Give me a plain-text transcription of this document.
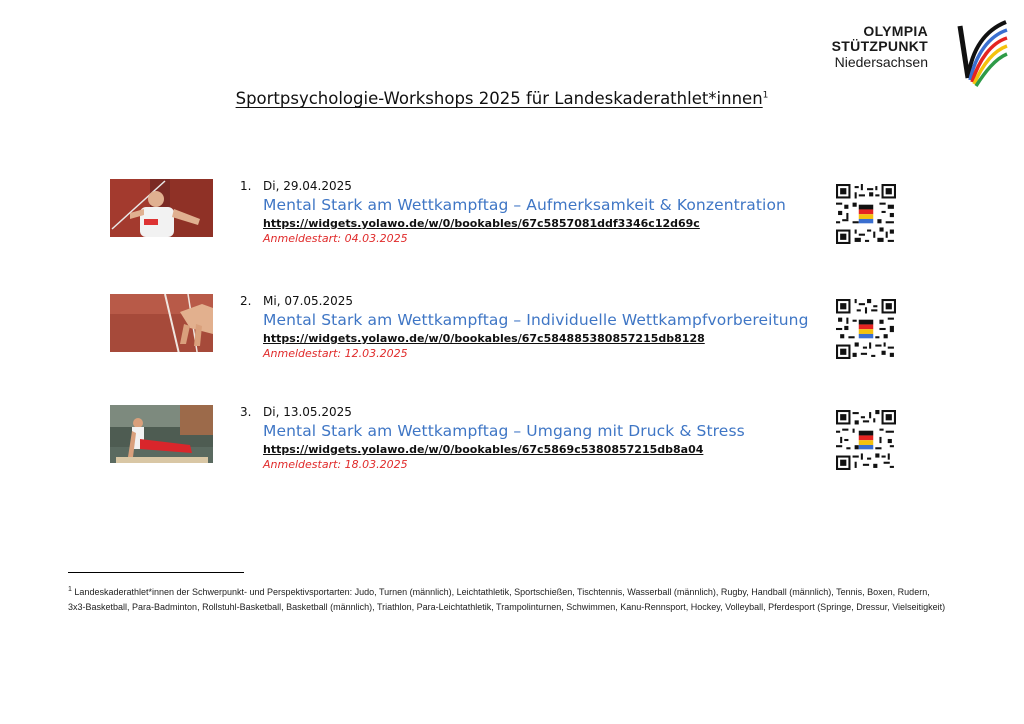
OLYMPIA
STÜTZPUNKT
Niedersachsen
Sportpsychologie-Workshops 2025 für Landeskaderathlet*innen$^1$
1. Di, 29.04.2025
Mental Stark am Wettkampftag – Aufmerksamkeit & Konzentration
https://widgets.yolawo.de/w/0/bookables/67c5857081ddf3346c12d69c
Anmeldestart: 04.03.2025
2. Mi, 07.05.2025
Mental Stark am Wettkampftag – Individuelle Wettkampfvorbereitung
https://widgets.yolawo.de/w/0/bookables/67c584885380857215db8128
Anmeldestart: 12.03.2025
3. Di, 13.05.2025
Mental Stark am Wettkampftag – Umgang mit Druck & Stress
https://widgets.yolawo.de/w/0/bookables/67c5869c5380857215db8a04
Anmeldestart: 18.03.2025
$^1$ Landeskaderathlet*innen der Schwerpunkt- und Perspektivsportarten: Judo, Turnen (männlich), Leichtathletik, Sportschießen, Tischtennis, Wasserball (männlich), Rugby, Handball (männlich), Tennis, Boxen, Rudern, 3x3-Basketball, Para-Badminton, Rollstuhl-Basketball, Basketball (männlich), Triathlon, Para-Leichtathletik, Trampolinturnen, Schwimmen, Kanu-Rennsport, Hockey, Volleyball, Pferdesport (Springe, Dressur, Vielseitigkeit)
